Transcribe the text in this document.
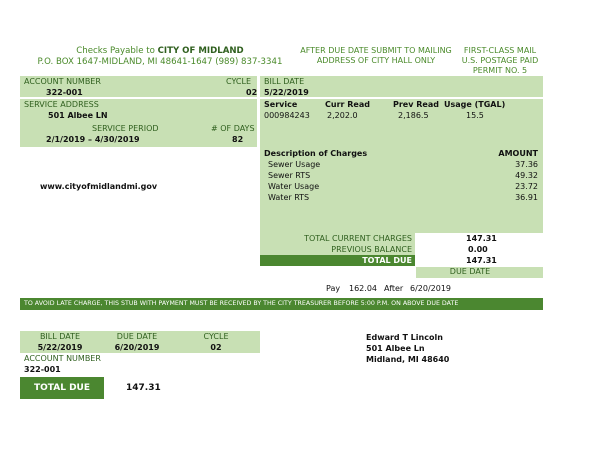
Checks Payable to CITY OF MIDLAND
P.O. BOX 1647-MIDLAND, MI 48641-1647 (989) 837-3341
AFTER DUE DATE SUBMIT TO MAILING
ADDRESS OF CITY HALL ONLY
FIRST-CLASS MAIL
U.S. POSTAGE PAID
PERMIT NO. 5
ACCOUNT NUMBER
322-001
CYCLE
02
BILL DATE
5/22/2019
SERVICE ADDRESS
501 Albee LN
SERVICE PERIOD	# OF DAYS
2/1/2019 – 4/30/2019	82
www.cityofmidlandmi.gov
Service	Curr Read	Prev Read Usage (TGAL)
000984243 2,202.0	2,186.5	15.5
Description of Charges	AMOUNT
Sewer Usage	37.36
Sewer RTS	49.32
Water Usage	23.72
Water RTS	36.91
TOTAL CURRENT CHARGES	147.31
PREVIOUS BALANCE	0.00
TOTAL DUE	147.31
DUE DATE
Pay 162.04 After 6/20/2019
TO AVOID LATE CHARGE, THIS STUB WITH PAYMENT MUST BE RECEIVED BY THE CITY TREASURER BEFORE 5:00 P.M. ON ABOVE DUE DATE
BILL DATE	DUE DATE	CYCLE
5/22/2019	6/20/2019	02
ACCOUNT NUMBER
322-001
TOTAL DUE	147.31
Edward T Lincoln
501 Albee Ln
Midland, MI 48640
